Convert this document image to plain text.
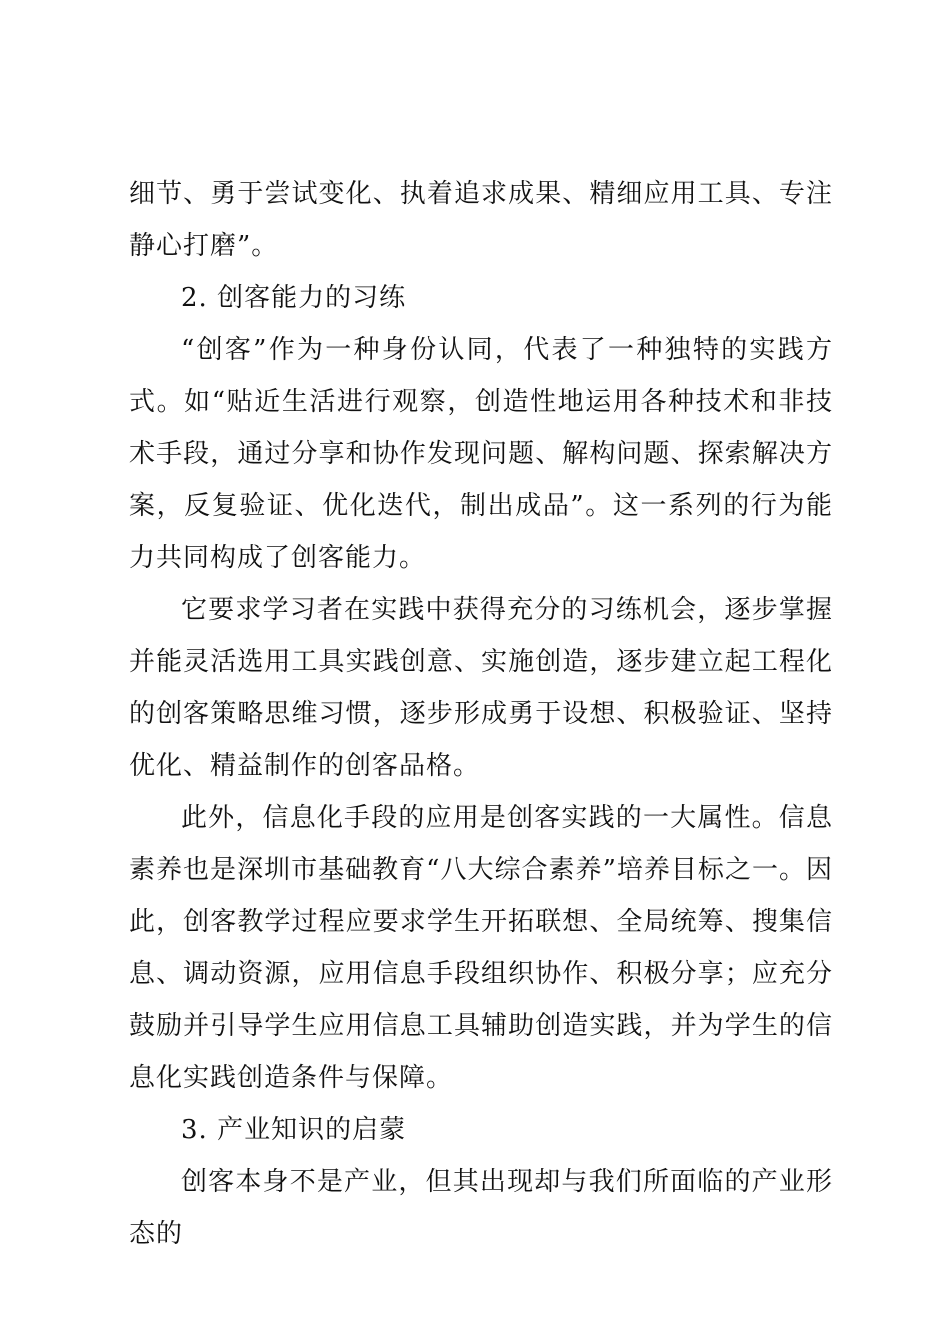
细节、勇于尝试变化、执着追求成果、精细应用工具、专注静心打磨”。

2. 创客能力的习练

“创客”作为一种身份认同，代表了一种独特的实践方式。如“贴近生活进行观察，创造性地运用各种技术和非技术手段，通过分享和协作发现问题、解构问题、探索解决方案，反复验证、优化迭代，制出成品”。这一系列的行为能力共同构成了创客能力。

它要求学习者在实践中获得充分的习练机会，逐步掌握并能灵活选用工具实践创意、实施创造，逐步建立起工程化的创客策略思维习惯，逐步形成勇于设想、积极验证、坚持优化、精益制作的创客品格。

此外，信息化手段的应用是创客实践的一大属性。信息素养也是深圳市基础教育“八大综合素养”培养目标之一。因此，创客教学过程应要求学生开拓联想、全局统筹、搜集信息、调动资源，应用信息手段组织协作、积极分享；应充分鼓励并引导学生应用信息工具辅助创造实践，并为学生的信息化实践创造条件与保障。

3. 产业知识的启蒙

创客本身不是产业，但其出现却与我们所面临的产业形态的
